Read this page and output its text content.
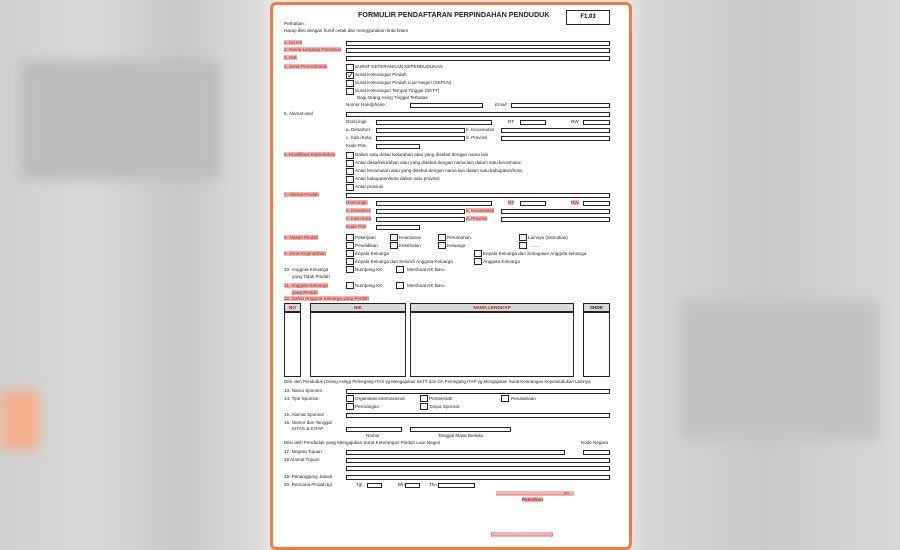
FORMULIR PENDAFTARAN PERPINDAHAN PENDUDUK	F1.03
Perhatian :
Harap diisi dengan huruf cetak dan menggunakan tinta hitam
1. No KK
2. Nama Lengkap Pemohon
3. NIK
4. Jenis Permohonan	SURAT KETERANGAN KEPENDUDUKAN
✓ Surat Keterangan Pindah
Surat Keterangan Pindah Luar Negeri (SKPLN)
Surat Keterangan Tempat Tinggal (SKTT)
Bagi Orang Asing Tinggal Terbatas
Nomor Handphone :	Email :
5. Alamat asal
Dsn/Lingk.	RT	RW
a. Desa/Kel.	b. Kecamatan
c. Kab./Kota	d. Provinsi
Kode Pos
6. Klasifikasi Kepindahan	Dalam satu desa/ Kelurahan atau yang disebut dengan nama lain
Antar desa/kelurahan atau yang disebut dengan nama lain dalam satu kecamatan
Antar kecamatan atau yang disebut dengan nama lain dalam satu kabupaten/kota;
Antar kabupaten/kota dalam satu provinsi
Antar provinsi
7. Alamat Pindah
Dsn/Lingk.	RT	RW
a. Desa/Kel.	b. Kecamatan
c. Kab./Kota	d. Provinsi
Kode Pos
8. Alasan Pindah	Pekerjaan	Keamanan	Perumahan	Lainnya (Sebutkan)
Pendidikan	Kesehatan	Keluarga	........
9. Jenis Kepindahan	Kepala Keluarga	Kepala Keluarga dan Sebagaian Anggota keluarga
Kepala Keluarga dan Seluruh Anggota Keluarga	Anggota Keluarga
10. Anggota Keluarga
yang Tidak Pindah
Numpang KK	Membuat KK Baru
11. Anggota Keluarga
yang Pindah
Numpang KK	Membuat KK Baru
12. Daftar Anggota Keluarga yang Pindah
NO	NIK	NAMA LENGKAP	SHDK
Diisi oleh Penduduk (Orang Asing) Pemegang ITAS yg Mengajukan SKTT dan OA Pemegang ITAP yg Mengajukan Surat Keterangan Kependudukan Lainnya
13. Nama Sponsor
14. Tipe Sponsor	Organisasi Internasional	Pemerintah	Perusahaan
Perorangan	Tanpa Sponsor
15. Alamat Sponsor
16. Nomor dan Tanggal
KITAS & KITAP
Nomor	Tanggal Masa Berlaku
Diisi oleh Penduduk yang Mengajukan Surat Keterangan Pindah Luar Negeri	Kode Negara
17. Negara Tujuan
18 Alamat Tujuan
19. Penanggung Jawab
20. Rencana Pindah tgl	Tgl	Bln	Thn
..........................., ........................20....
Pemohon
(..............................................)
